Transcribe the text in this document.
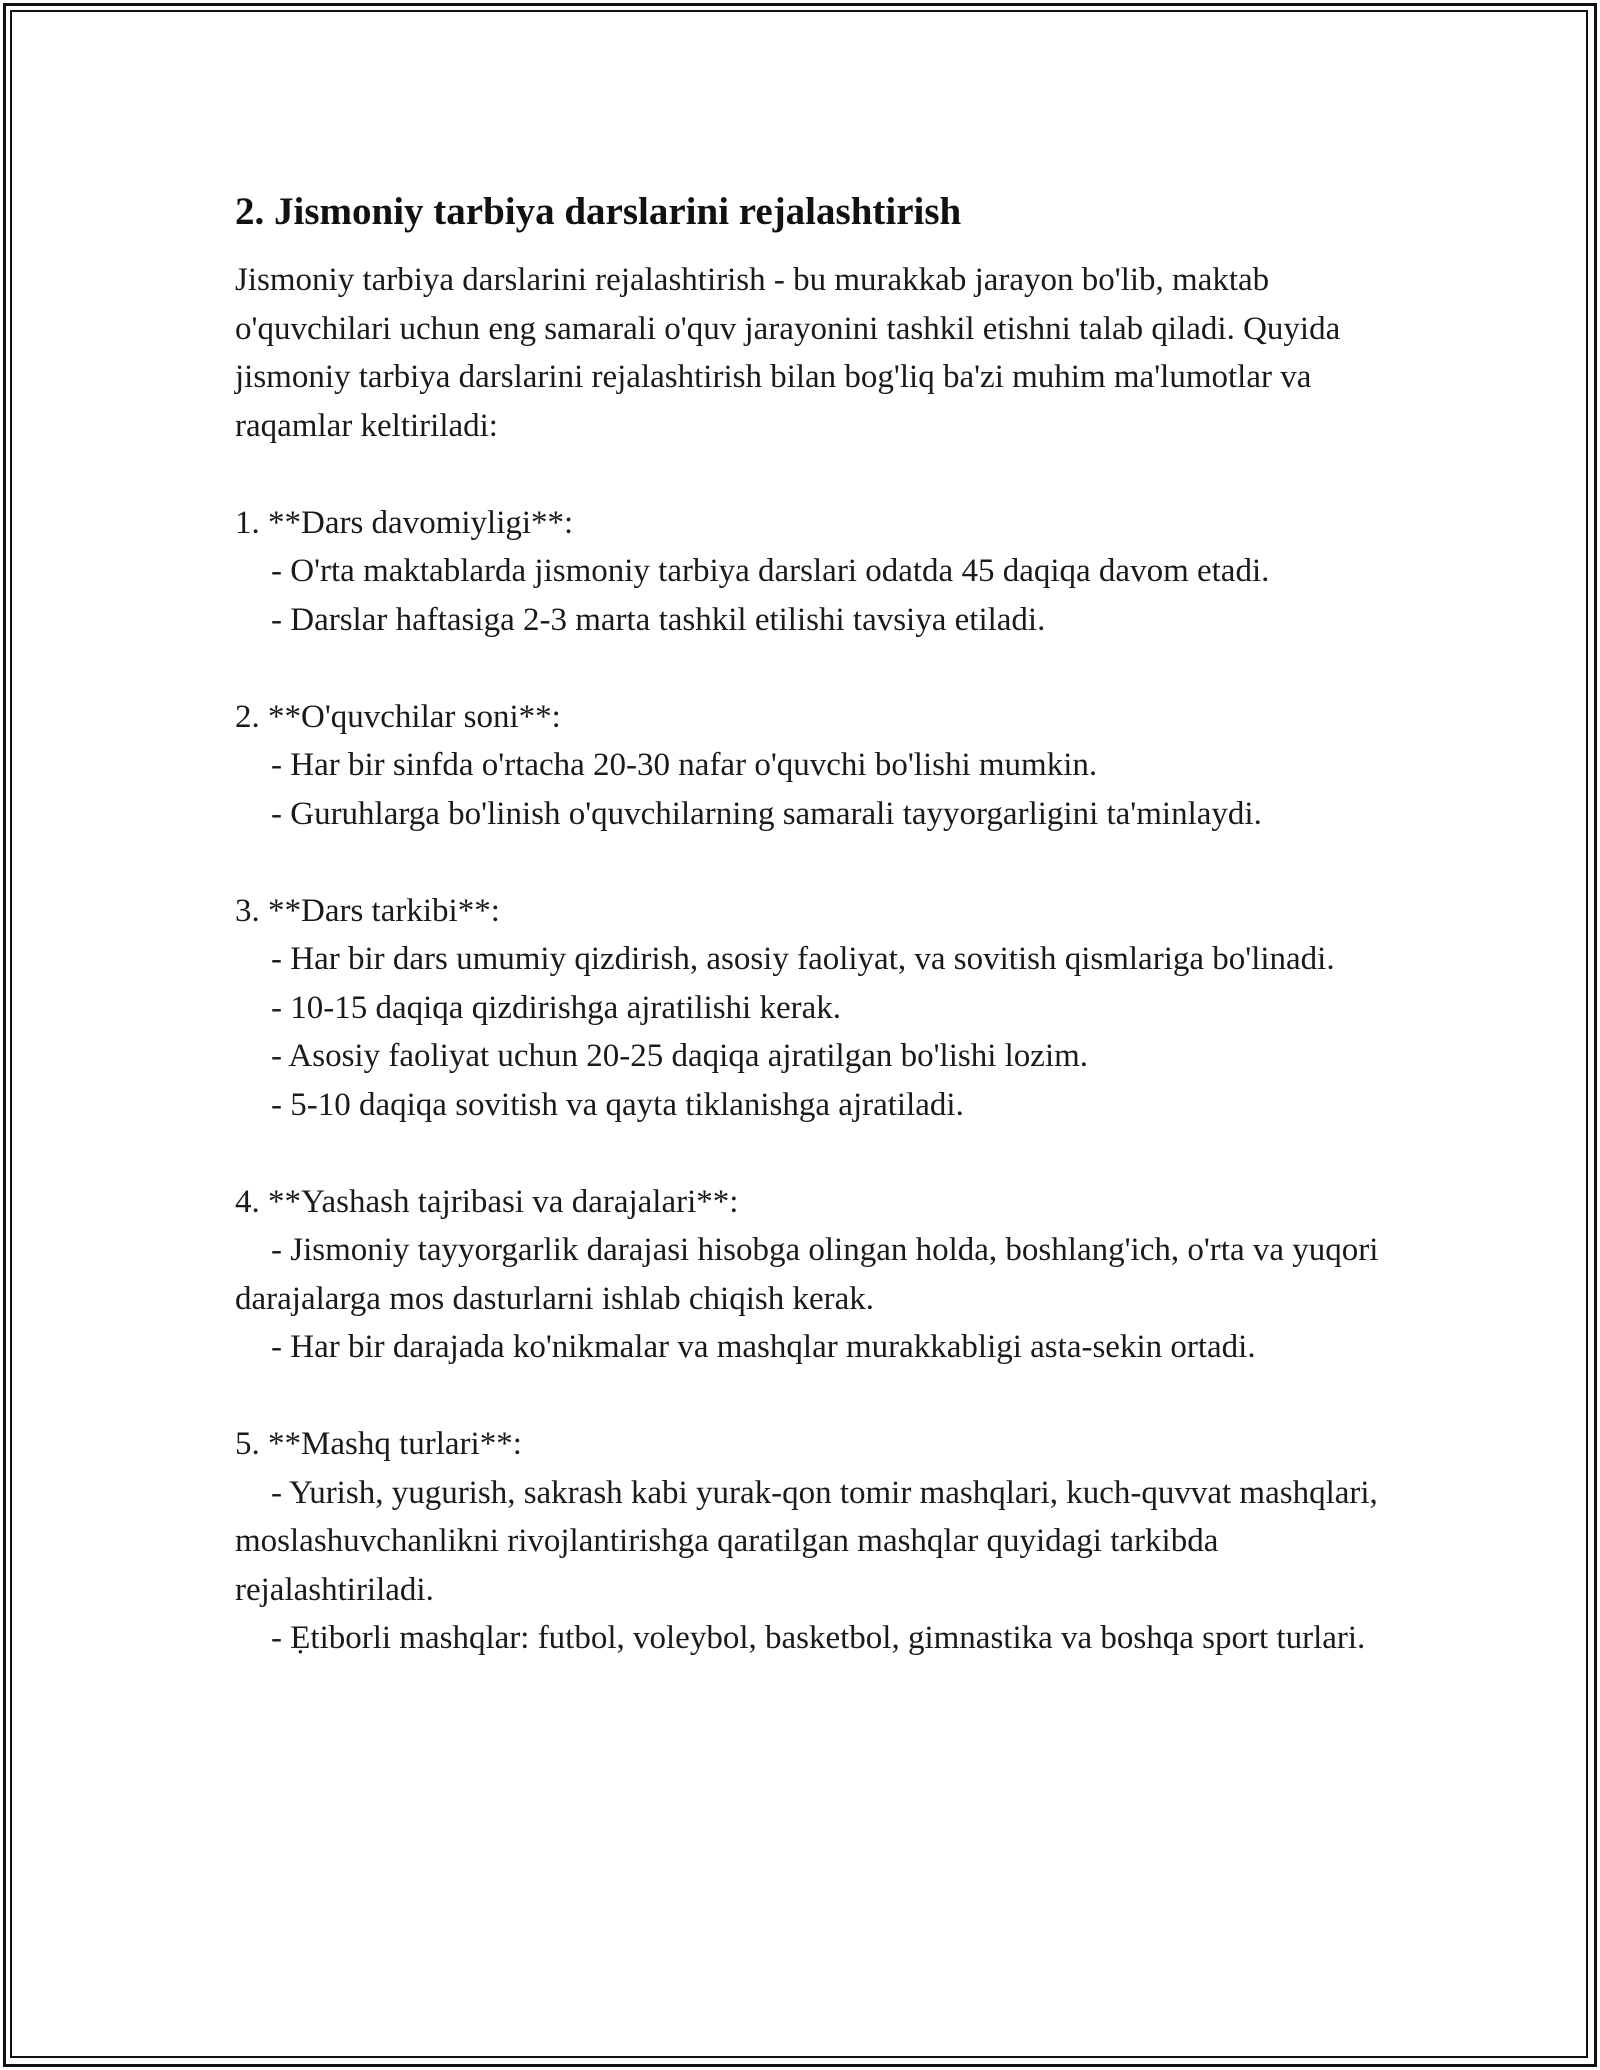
2. Jismoniy tarbiya darslarini rejalashtirish

Jismoniy tarbiya darslarini rejalashtirish - bu murakkab jarayon bo'lib, maktab o'quvchilari uchun eng samarali o'quv jarayonini tashkil etishni talab qiladi. Quyida jismoniy tarbiya darslarini rejalashtirish bilan bog'liq ba'zi muhim ma'lumotlar va raqamlar keltiriladi:

1. **Dars davomiyligi**:

- O'rta maktablarda jismoniy tarbiya darslari odatda 45 daqiqa davom etadi.

- Darslar haftasiga 2-3 marta tashkil etilishi tavsiya etiladi.

2. **O'quvchilar soni**:

- Har bir sinfda o'rtacha 20-30 nafar o'quvchi bo'lishi mumkin.

- Guruhlarga bo'linish o'quvchilarning samarali tayyorgarligini ta'minlaydi.

3. **Dars tarkibi**:

- Har bir dars umumiy qizdirish, asosiy faoliyat, va sovitish qismlariga bo'linadi.

- 10-15 daqiqa qizdirishga ajratilishi kerak.

- Asosiy faoliyat uchun 20-25 daqiqa ajratilgan bo'lishi lozim.

- 5-10 daqiqa sovitish va qayta tiklanishga ajratiladi.

4. **Yashash tajribasi va darajalari**:

- Jismoniy tayyorgarlik darajasi hisobga olingan holda, boshlang'ich, o'rta va yuqori darajalarga mos dasturlarni ishlab chiqish kerak.

- Har bir darajada ko'nikmalar va mashqlar murakkabligi asta-sekin ortadi.

5. **Mashq turlari**:

- Yurish, yugurish, sakrash kabi yurak-qon tomir mashqlari, kuch-quvvat mashqlari, moslashuvchanlikni rivojlantirishga qaratilgan mashqlar quyidagi tarkibda rejalashtiriladi.

- Ẹtiborli mashqlar: futbol, voleybol, basketbol, gimnastika va boshqa sport turlari.
